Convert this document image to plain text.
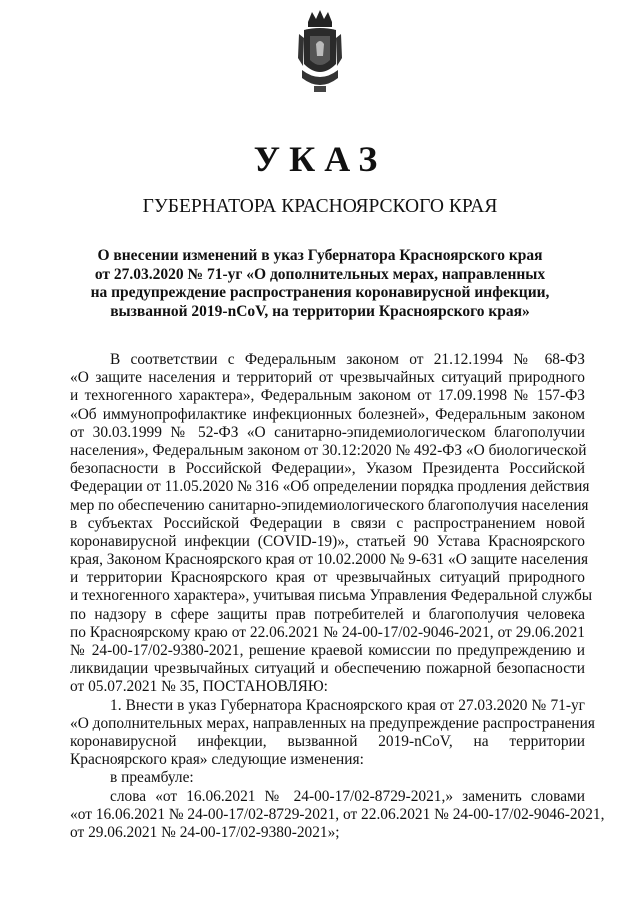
УКАЗ
ГУБЕРНАТОРА КРАСНОЯРСКОГО КРАЯ
О внесении изменений в указ Губернатора Красноярского края
от 27.03.2020 № 71-уг «О дополнительных мерах, направленных
на предупреждение распространения коронавирусной инфекции,
вызванной 2019-nCoV, на территории Красноярского края»
В соответствии с Федеральным законом от 21.12.1994 № 68-ФЗ
«О защите населения и территорий от чрезвычайных ситуаций природного
и техногенного характера», Федеральным законом от 17.09.1998 № 157-ФЗ
«Об иммунопрофилактике инфекционных болезней», Федеральным законом
от 30.03.1999 № 52-ФЗ «О санитарно-эпидемиологическом благополучии
населения», Федеральным законом от 30.12:2020 № 492-ФЗ «О биологической
безопасности в Российской Федерации», Указом Президента Российской
Федерации от 11.05.2020 № 316 «Об определении порядка продления действия
мер по обеспечению санитарно-эпидемиологического благополучия населения
в субъектах Российской Федерации в связи с распространением новой
коронавирусной инфекции (COVID-19)», статьей 90 Устава Красноярского
края, Законом Красноярского края от 10.02.2000 № 9-631 «О защите населения
и территории Красноярского края от чрезвычайных ситуаций природного
и техногенного характера», учитывая письма Управления Федеральной службы
по надзору в сфере защиты прав потребителей и благополучия человека
по Красноярскому краю от 22.06.2021 № 24-00-17/02-9046-2021, от 29.06.2021
№ 24-00-17/02-9380-2021, решение краевой комиссии по предупреждению и
ликвидации чрезвычайных ситуаций и обеспечению пожарной безопасности
от 05.07.2021 № 35, ПОСТАНОВЛЯЮ:
1. Внести в указ Губернатора Красноярского края от 27.03.2020 № 71-уг
«О дополнительных мерах, направленных на предупреждение распространения
коронавирусной инфекции, вызванной 2019-nCoV, на территории
Красноярского края» следующие изменения:
в преамбуле:
слова «от 16.06.2021 № 24-00-17/02-8729-2021,» заменить словами
«от 16.06.2021 № 24-00-17/02-8729-2021, от 22.06.2021 № 24-00-17/02-9046-2021,
от 29.06.2021 № 24-00-17/02-9380-2021»;
